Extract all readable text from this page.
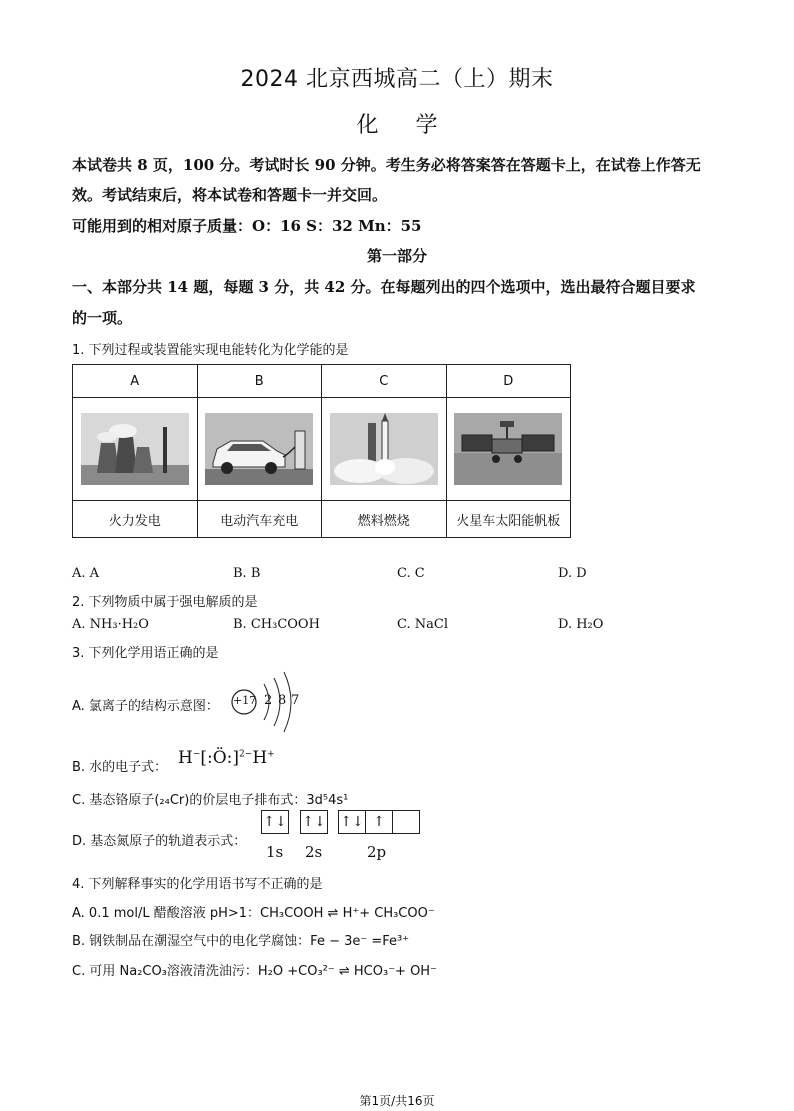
2024 北京西城高二（上）期末
化 学
本试卷共 8 页，100 分。考试时长 90 分钟。考生务必将答案答在答题卡上，在试卷上作答无
效。考试结束后，将本试卷和答题卡一并交回。
可能用到的相对原子质量：O：16 S：32 Mn：55
第一部分
一、本部分共 14 题，每题 3 分，共 42 分。在每题列出的四个选项中，选出最符合题目要求
的一项。
1. 下列过程或装置能实现电能转化为化学能的是
A	B	C	D

火力发电	电动汽车充电	燃料燃烧	火星车太阳能帆板
A. A	B. B	C. C	D. D
2. 下列物质中属于强电解质的是
A. NH₃·H₂O	B. CH₃COOH	C. NaCl	D. H₂O
3. 下列化学用语正确的是
A. 氯离子的结构示意图： +17 2 8 7
B. 水的电子式： H−[:Ö:]$^{2-}$H+
C. 基态铬原子(₂₄Cr)的价层电子排布式：3d⁵4s¹
D. 基态氮原子的轨道表示式：
↑↓ ↑↓ ↑↓ ↑
1s 2s	2p
4. 下列解释事实的化学用语书写不正确的是
A. 0.1 mol/L 醋酸溶液 pH>1：CH₃COOH ⇌ H⁺+ CH₃COO⁻
B. 钢铁制品在潮湿空气中的电化学腐蚀：Fe − 3e⁻ =Fe³⁺
C. 可用 Na₂CO₃溶液清洗油污：H₂O +CO₃²⁻ ⇌ HCO₃⁻+ OH⁻
第1页/共16页
